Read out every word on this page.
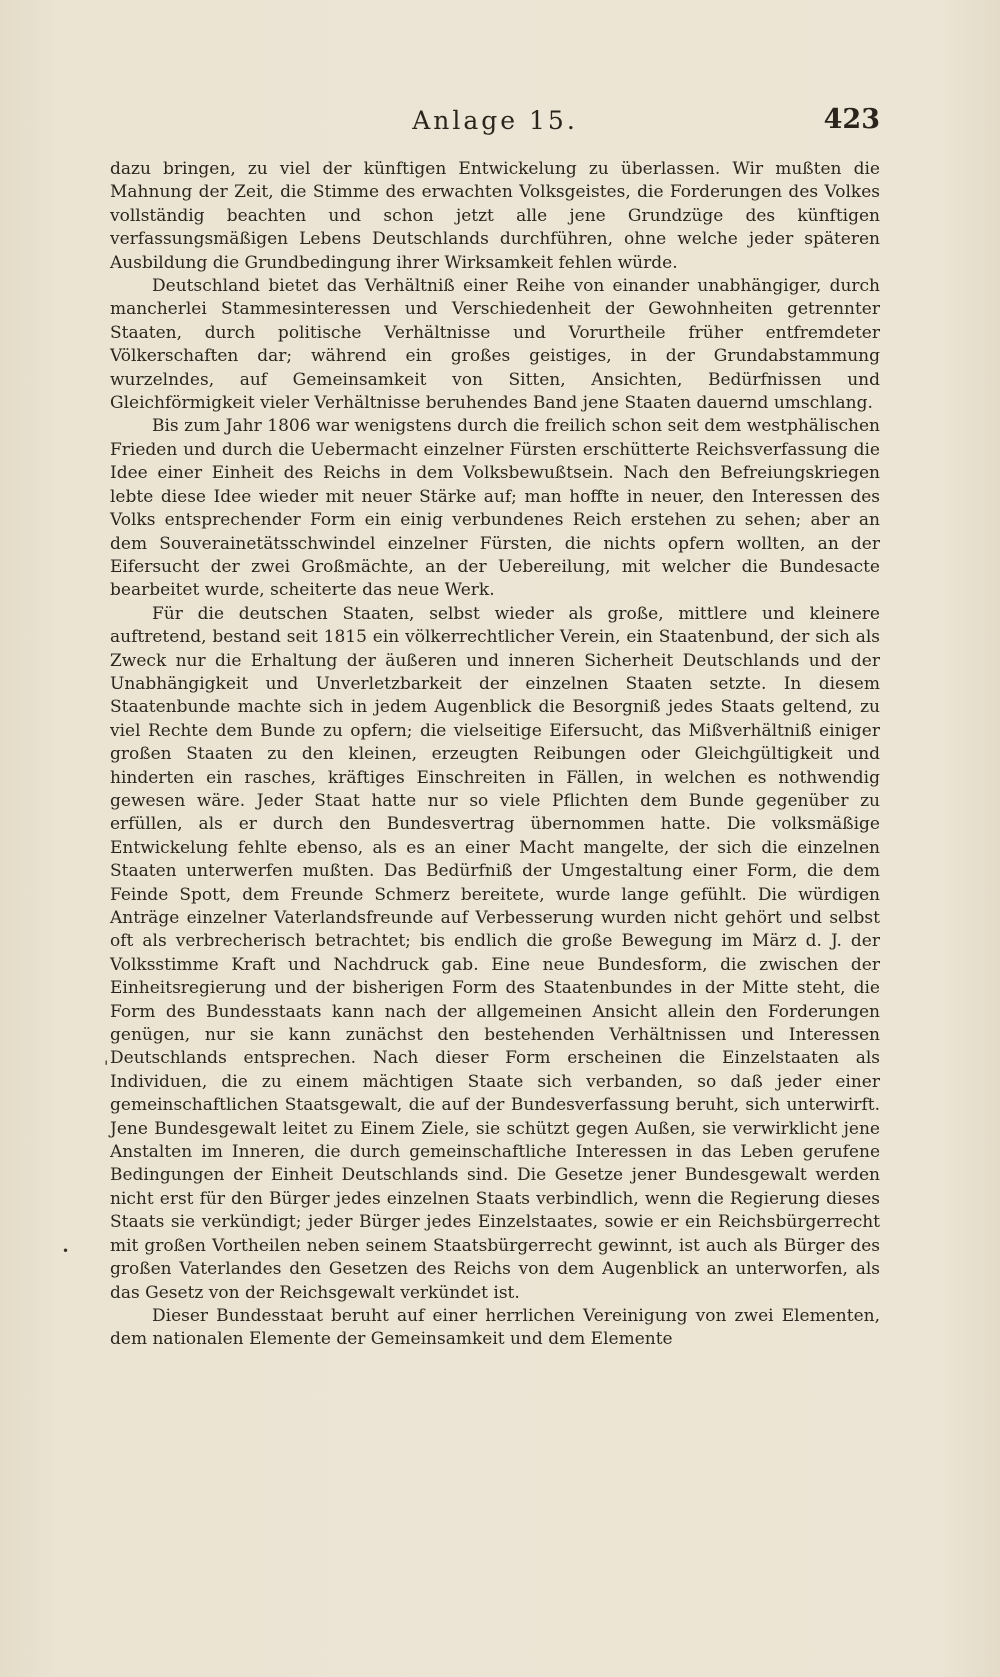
Anlage 15.	423

dazu bringen, zu viel der künftigen Entwickelung zu überlassen. Wir mußten die Mahnung der Zeit, die Stimme des erwachten Volksgeistes, die Forderungen des Volkes vollständig beachten und schon jetzt alle jene Grundzüge des künftigen verfassungsmäßigen Lebens Deutschlands durchführen, ohne welche jeder späteren Ausbildung die Grundbedingung ihrer Wirksamkeit fehlen würde.

Deutschland bietet das Verhältniß einer Reihe von einander unabhängiger, durch mancherlei Stammesinteressen und Verschiedenheit der Gewohnheiten getrennter Staaten, durch politische Verhältnisse und Vorurtheile früher entfremdeter Völkerschaften dar; während ein großes geistiges, in der Grundabstammung wurzelndes, auf Gemeinsamkeit von Sitten, Ansichten, Bedürfnissen und Gleichförmigkeit vieler Verhältnisse beruhendes Band jene Staaten dauernd umschlang.

Bis zum Jahr 1806 war wenigstens durch die freilich schon seit dem westphälischen Frieden und durch die Uebermacht einzelner Fürsten erschütterte Reichsverfassung die Idee einer Einheit des Reichs in dem Volksbewußtsein. Nach den Befreiungskriegen lebte diese Idee wieder mit neuer Stärke auf; man hoffte in neuer, den Interessen des Volks entsprechender Form ein einig verbundenes Reich erstehen zu sehen; aber an dem Souverainetätsschwindel einzelner Fürsten, die nichts opfern wollten, an der Eifersucht der zwei Großmächte, an der Uebereilung, mit welcher die Bundesacte bearbeitet wurde, scheiterte das neue Werk.

Für die deutschen Staaten, selbst wieder als große, mittlere und kleinere auftretend, bestand seit 1815 ein völkerrechtlicher Verein, ein Staatenbund, der sich als Zweck nur die Erhaltung der äußeren und inneren Sicherheit Deutschlands und der Unabhängigkeit und Unverletzbarkeit der einzelnen Staaten setzte. In diesem Staatenbunde machte sich in jedem Augenblick die Besorgniß jedes Staats geltend, zu viel Rechte dem Bunde zu opfern; die vielseitige Eifersucht, das Mißverhältniß einiger großen Staaten zu den kleinen, erzeugten Reibungen oder Gleichgültigkeit und hinderten ein rasches, kräftiges Einschreiten in Fällen, in welchen es nothwendig gewesen wäre. Jeder Staat hatte nur so viele Pflichten dem Bunde gegenüber zu erfüllen, als er durch den Bundesvertrag übernommen hatte. Die volksmäßige Entwickelung fehlte ebenso, als es an einer Macht mangelte, der sich die einzelnen Staaten unterwerfen mußten. Das Bedürfniß der Umgestaltung einer Form, die dem Feinde Spott, dem Freunde Schmerz bereitete, wurde lange gefühlt. Die würdigen Anträge einzelner Vaterlandsfreunde auf Verbesserung wurden nicht gehört und selbst oft als verbrecherisch betrachtet; bis endlich die große Bewegung im März d. J. der Volksstimme Kraft und Nachdruck gab. Eine neue Bundesform, die zwischen der Einheitsregierung und der bisherigen Form des Staatenbundes in der Mitte steht, die Form des Bundesstaats kann nach der allgemeinen Ansicht allein den Forderungen genügen, nur sie kann zunächst den bestehenden Verhältnissen und Interessen Deutschlands entsprechen. Nach dieser Form erscheinen die Einzelstaaten als Individuen, die zu einem mächtigen Staate sich verbanden, so daß jeder einer gemeinschaftlichen Staatsgewalt, die auf der Bundesverfassung beruht, sich unterwirft. Jene Bundesgewalt leitet zu Einem Ziele, sie schützt gegen Außen, sie verwirklicht jene Anstalten im Inneren, die durch gemeinschaftliche Interessen in das Leben gerufene Bedingungen der Einheit Deutschlands sind. Die Gesetze jener Bundesgewalt werden nicht erst für den Bürger jedes einzelnen Staats verbindlich, wenn die Regierung dieses Staats sie verkündigt; jeder Bürger jedes Einzelstaates, sowie er ein Reichsbürgerrecht mit großen Vortheilen neben seinem Staatsbürgerrecht gewinnt, ist auch als Bürger des großen Vaterlandes den Gesetzen des Reichs von dem Augenblick an unterworfen, als das Gesetz von der Reichsgewalt verkündet ist.

Dieser Bundesstaat beruht auf einer herrlichen Vereinigung von zwei Elementen, dem nationalen Elemente der Gemeinsamkeit und dem Elemente

'
•
